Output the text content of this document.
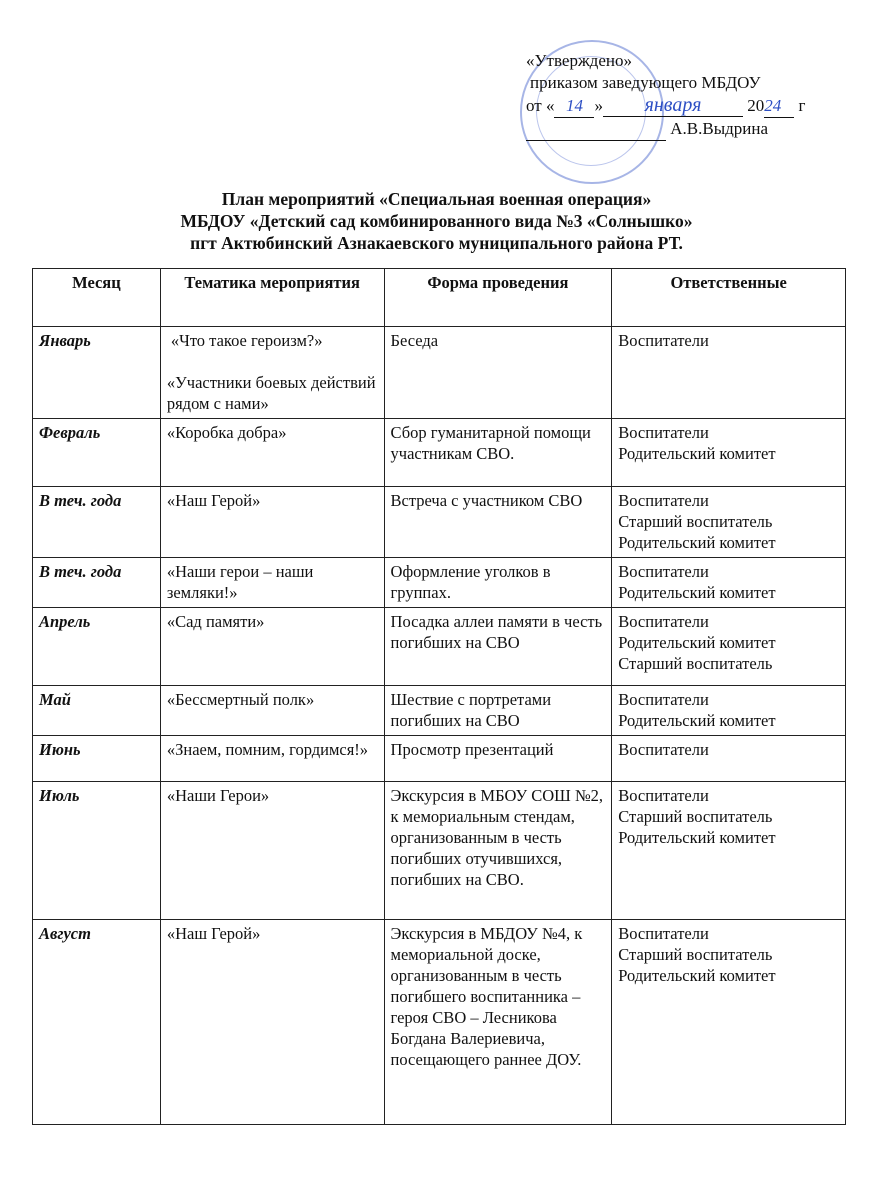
«Утверждено»
приказом заведующего МБДОУ
от « 14 » января	2024 г
А.В.Выдрина
План мероприятий «Специальная военная операция»
МБДОУ «Детский сад комбинированного вида №3 «Солнышко»
пгт Актюбинский Азнакаевского муниципального района РТ.
Месяц	Тематика мероприятия	Форма проведения	Ответственные
Январь	«Что такое героизм?»
«Участники боевых действий рядом с нами»	Беседа	Воспитатели

Февраль	«Коробка добра»	Сбор гуманитарной помощи участникам СВО.	Воспитатели
Родительский комитет

В теч. года	«Наш Герой»	Встреча с участником СВО	Воспитатели
Старший воспитатель
Родительский комитет

В теч. года	«Наши герои – наши земляки!»	Оформление уголков в группах.	Воспитатели
Родительский комитет

Апрель	«Сад памяти»	Посадка аллеи памяти в честь погибших на СВО	Воспитатели
Родительский комитет
Старший воспитатель

Май	«Бессмертный полк»	Шествие с портретами погибших на СВО	Воспитатели
Родительский комитет

Июнь	«Знаем, помним, гордимся!»	Просмотр презентаций	Воспитатели

Июль	«Наши Герои»	Экскурсия в МБОУ СОШ №2, к мемориальным стендам, организованным в честь погибших отучившихся, погибших на СВО.	Воспитатели
Старший воспитатель
Родительский комитет

Август	«Наш Герой»	Экскурсия в МБДОУ №4, к мемориальной доске, организованным в честь погибшего воспитанника – героя СВО – Лесникова Богдана Валериевича, посещающего раннее ДОУ.	Воспитатели
Старший воспитатель
Родительский комитет
